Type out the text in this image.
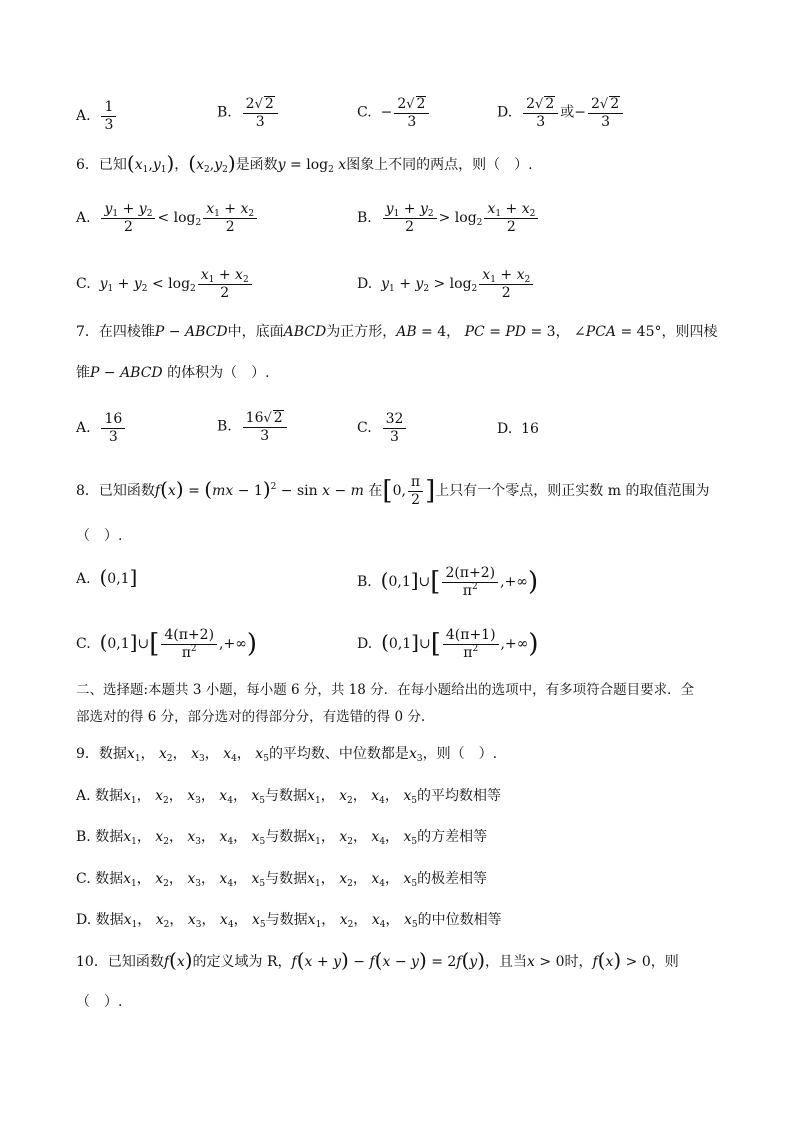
A. $\frac{1}{3}$	B. $\frac{2√ 2}{3}$	C. − $\frac{2√ 2}{3}$	D. $\frac{2√ 2}{3}$ 或− $\frac{2√ 2}{3}$
6．已知$(x_1,y_1)$，$(x_2,y_2)$是函数$y = \log_2 x$图象上不同的两点，则（　）.
A. $\frac{y_1 + y_2}{2} < \log_2 \frac{x_1 + x_2}{2}$	B. $\frac{y_1 + y_2}{2} > \log_2 \frac{x_1 + x_2}{2}$
C. $y_1 + y_2 < \log_2 \frac{x_1 + x_2}{2}$	D. $y_1 + y_2 > \log_2 \frac{x_1 + x_2}{2}$
7．在四棱锥P − ABCD中，底面ABCD为正方形，AB = 4， PC = PD = 3， ∠PCA = 45°，则四棱
锥P − ABCD 的体积为（　）.
A. $\frac{16}{3}$	B. $\frac{16√ 2}{3}$	C. $\frac{32}{3}$	D. 16
8．已知函数f(x) = (mx − 1)$^2$ − sin x − m 在[0, $\frac{\pi}{2}$ ]上只有一个零点，则正实数 m 的取值范围为
（　）.
A. (0,1]	B. (0,1]∪[ $\frac{2(\pi+2)}{\pi^2}$ ,+∞)
C. (0,1]∪[ $\frac{4(\pi+2)}{\pi^2}$ ,+∞)	D. (0,1]∪[ $\frac{4(\pi+1)}{\pi^2}$ ,+∞)
二、选择题:本题共 3 小题，每小题 6 分，共 18 分．在每小题给出的选项中，有多项符合题目要求．全
部选对的得 6 分，部分选对的得部分分，有选错的得 0 分.
9．数据$x_1$， $x_2$， $x_3$， $x_4$， $x_5$的平均数、中位数都是$x_3$，则（　）.
A. 数据$x_1$， $x_2$， $x_3$， $x_4$， $x_5$与数据$x_1$， $x_2$， $x_4$， $x_5$的平均数相等
B. 数据$x_1$， $x_2$， $x_3$， $x_4$， $x_5$与数据$x_1$， $x_2$， $x_4$， $x_5$的方差相等
C. 数据$x_1$， $x_2$， $x_3$， $x_4$， $x_5$与数据$x_1$， $x_2$， $x_4$， $x_5$的极差相等
D. 数据$x_1$， $x_2$， $x_3$， $x_4$， $x_5$与数据$x_1$， $x_2$， $x_4$， $x_5$的中位数相等
10．已知函数f(x)的定义域为 R，f(x + y) − f(x − y) = 2f(y)，且当x > 0时，f(x) > 0，则
（　）.
